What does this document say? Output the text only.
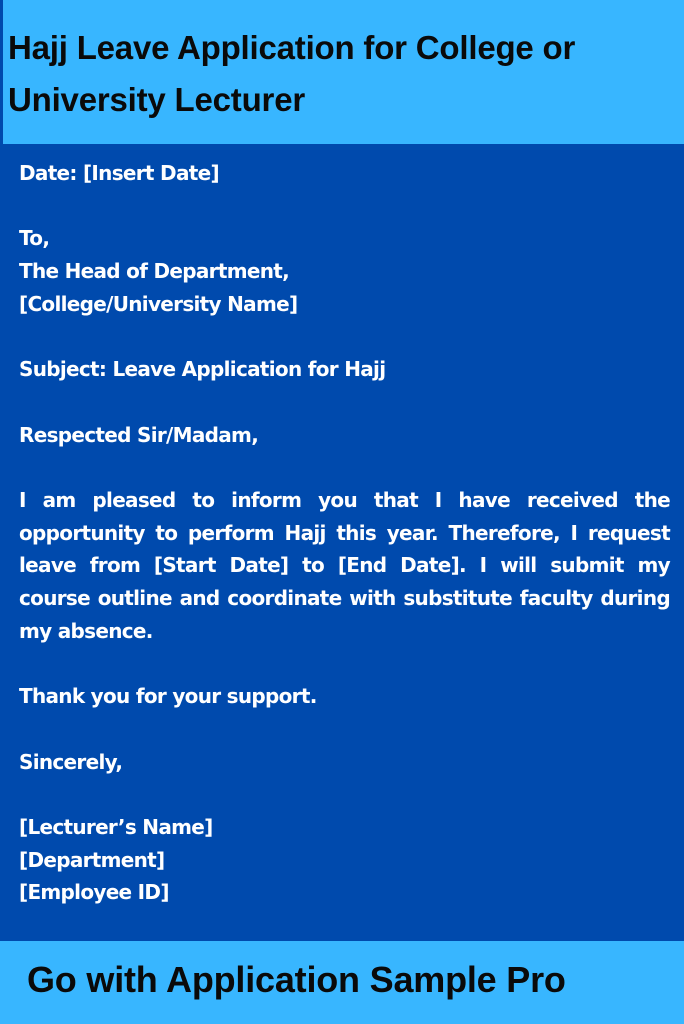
Hajj Leave Application for College or University Lecturer

Date: [Insert Date]

To,

The Head of Department,

[College/University Name]

Subject: Leave Application for Hajj

Respected Sir/Madam,

I am pleased to inform you that I have received the opportunity to perform Hajj this year. Therefore, I request leave from [Start Date] to [End Date]. I will submit my course outline and coordinate with substitute faculty during my absence.

Thank you for your support.

Sincerely,

[Lecturer’s Name]

[Department]

[Employee ID]

Go with Application Sample Pro
